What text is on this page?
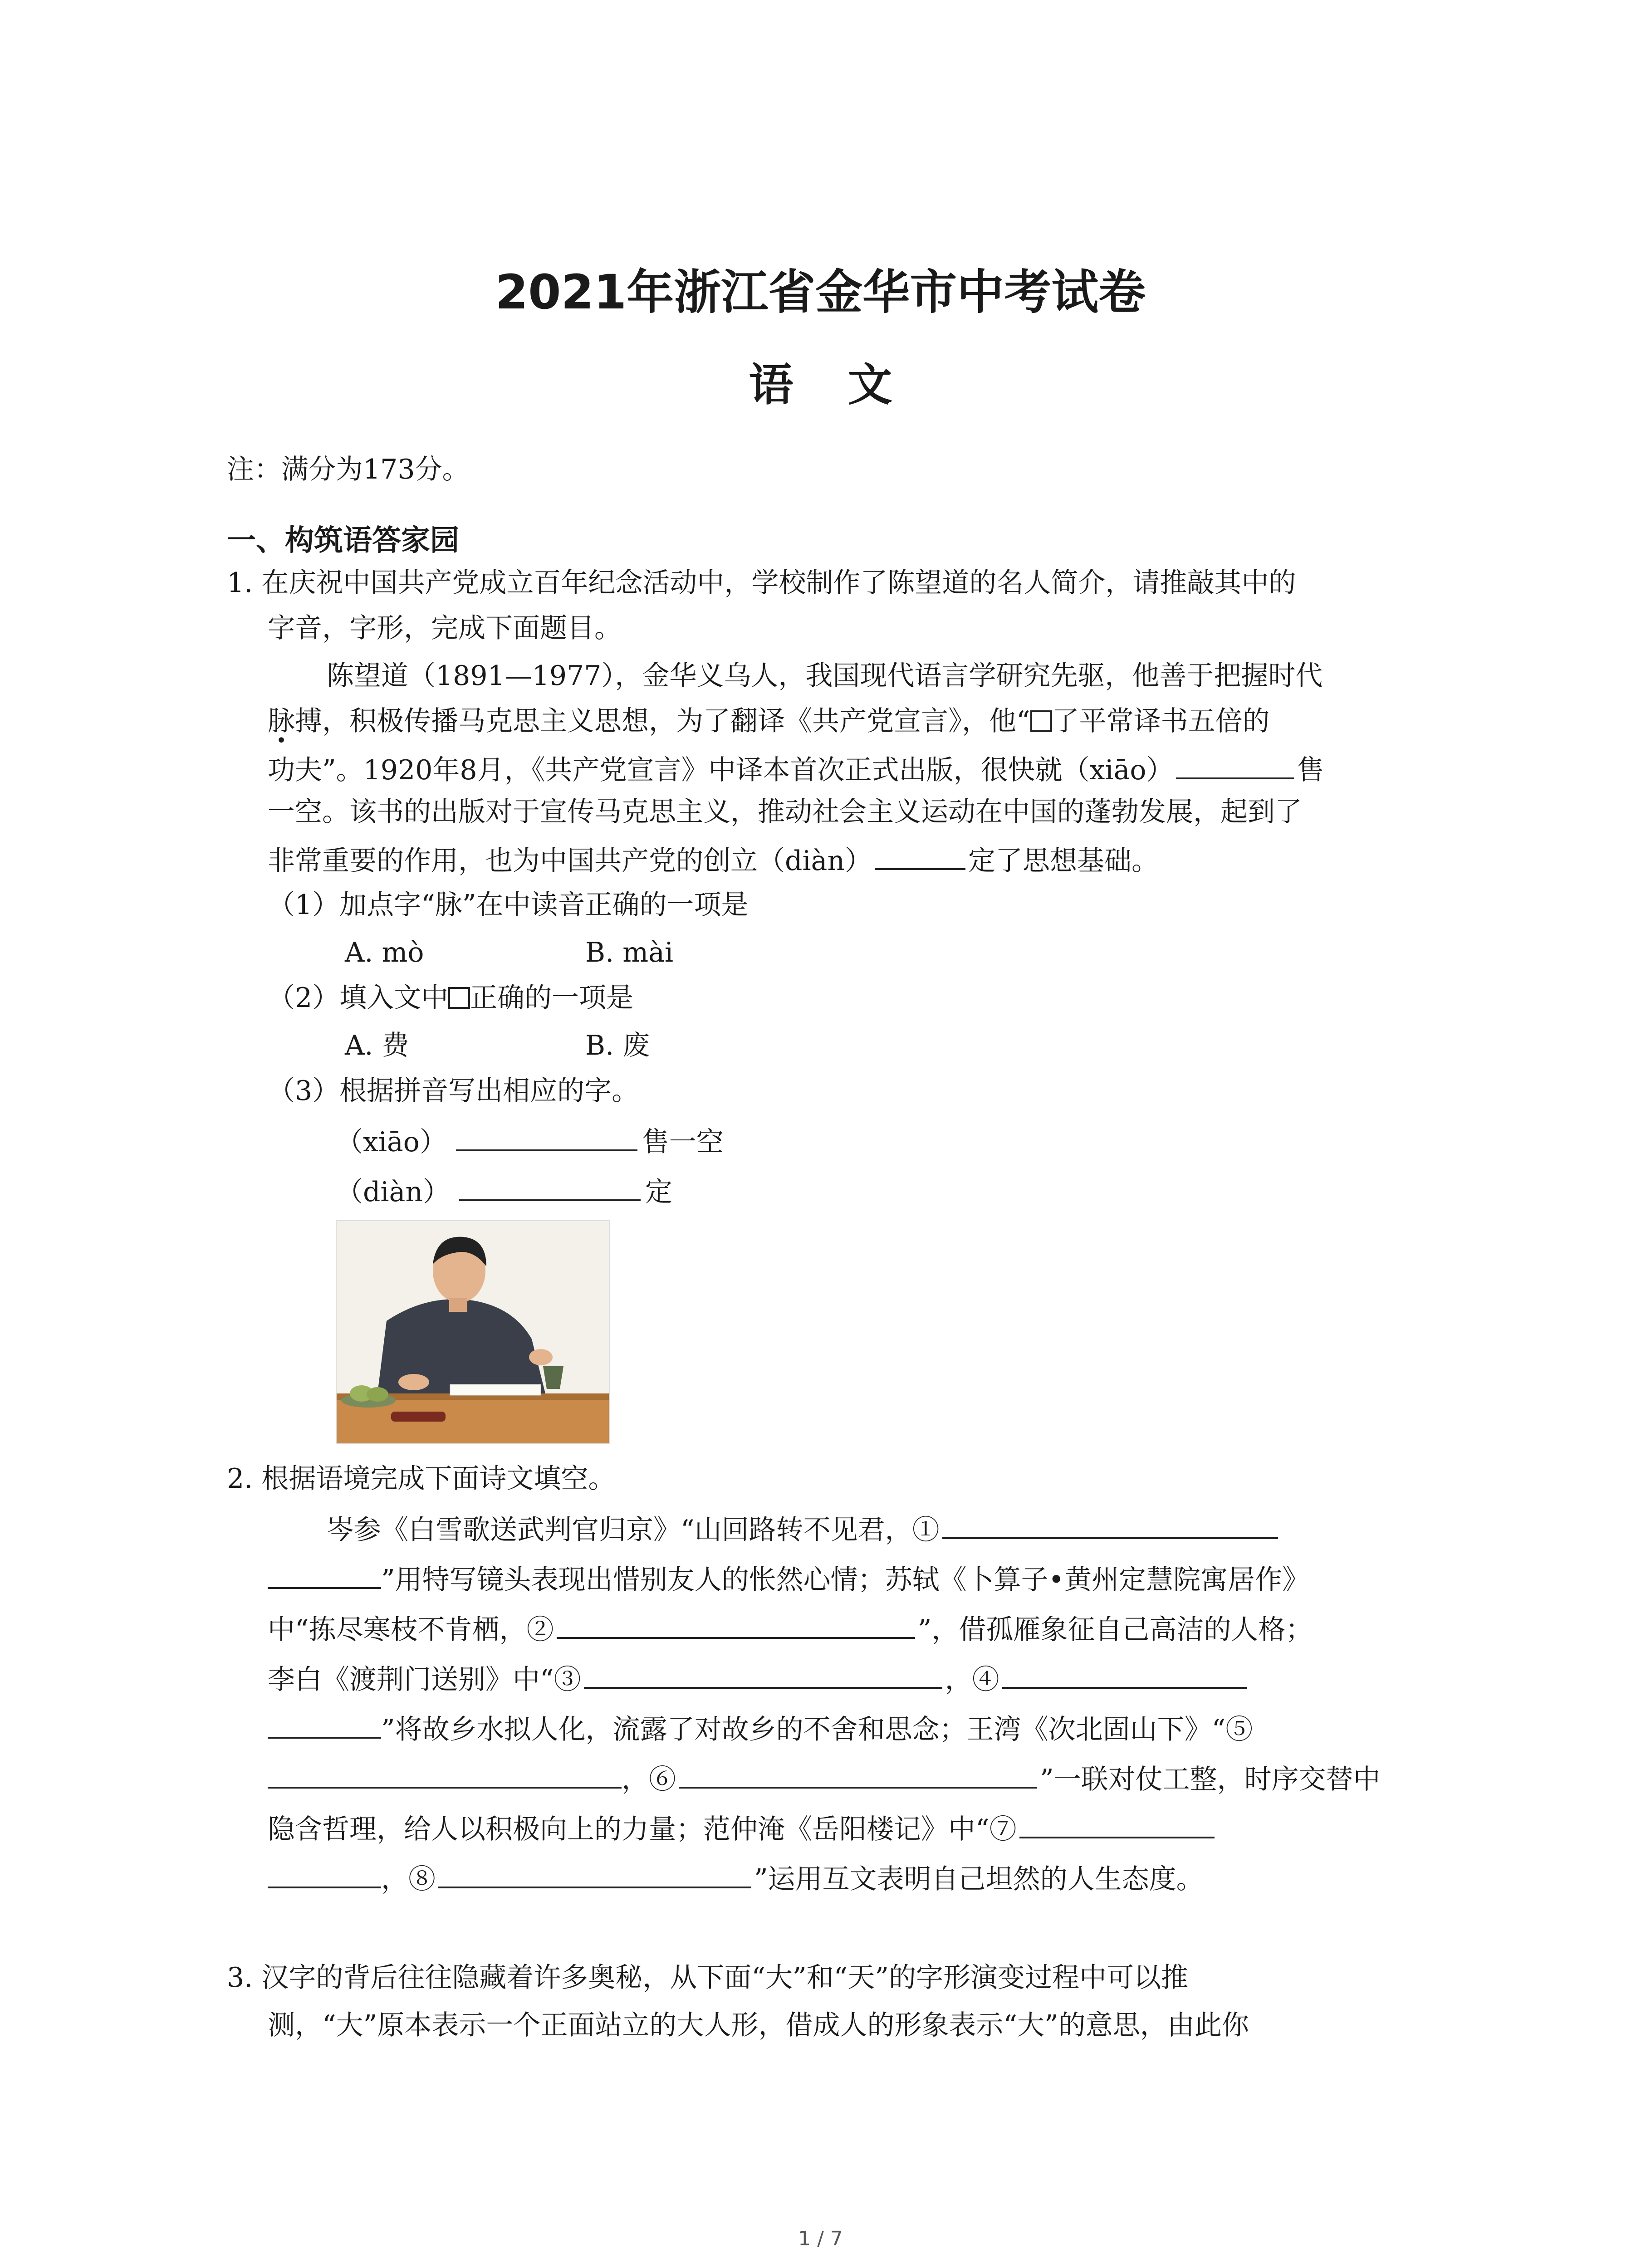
2021年浙江省金华市中考试卷
语文
注：满分为173分。
一、构筑语答家园
1. 在庆祝中国共产党成立百年纪念活动中，学校制作了陈望道的名人简介，请推敲其中的
字音，字形，完成下面题目。
陈望道（1891—1977），金华义乌人，我国现代语言学研究先驱，他善于把握时代
脉搏，积极传播马克思主义思想，为了翻译《共产党宣言》，他“ 了平常译书五倍的
功夫”。1920年8月，《共产党宣言》中译本首次正式出版，很快就（xiāo）	售
一空。该书的出版对于宣传马克思主义，推动社会主义运动在中国的蓬勃发展，起到了
非常重要的作用，也为中国共产党的创立（diàn）	定了思想基础。
（1）加点字“脉”在中读音正确的一项是
A. mò	B. mài
（2）填入文中 正确的一项是
A. 费	B. 废
（3）根据拼音写出相应的字。
（xiāo）	售一空
（diàn）	定
2. 根据语境完成下面诗文填空。
岑参《白雪歌送武判官归京》“山回路转不见君，①
”用特写镜头表现出惜别友人的怅然心情；苏轼《卜算子•黄州定慧院寓居作》
中“拣尽寒枝不肯栖，②	”，借孤雁象征自己高洁的人格；
李白《渡荆门送别》中“③	，④
”将故乡水拟人化，流露了对故乡的不舍和思念；王湾《次北固山下》“⑤
，⑥	”一联对仗工整，时序交替中
隐含哲理，给人以积极向上的力量；范仲淹《岳阳楼记》中“⑦
，⑧	”运用互文表明自己坦然的人生态度。
3. 汉字的背后往往隐藏着许多奥秘，从下面“大”和“天”的字形演变过程中可以推
测，“大”原本表示一个正面站立的大人形，借成人的形象表示“大”的意思，由此你
1 / 7
